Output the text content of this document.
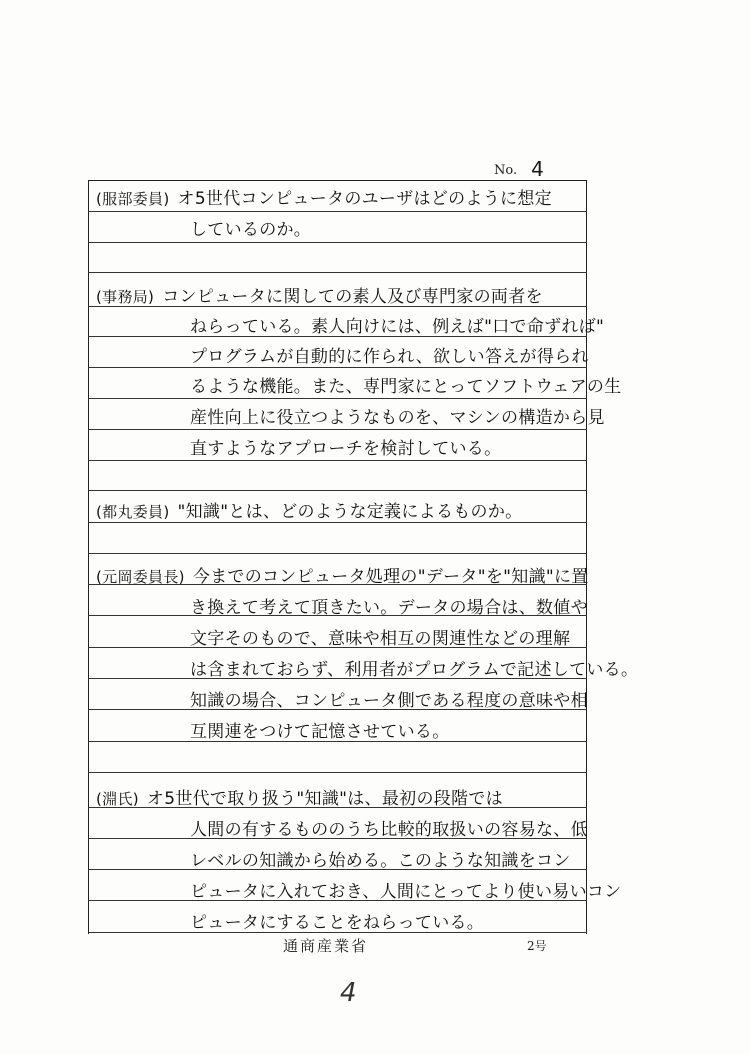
No. 4
(服部委員) オ5世代コンピュータのユーザはどのように想定
しているのか。
(事務局) コンピュータに関しての素人及び専門家の両者を
ねらっている。素人向けには、例えば"口で命ずれば"
プログラムが自動的に作られ、欲しい答えが得られ
るような機能。また、専門家にとってソフトウェアの生
産性向上に役立つようなものを、マシンの構造から見
直すようなアプローチを検討している。
(都丸委員) "知識"とは、どのような定義によるものか。
(元岡委員長) 今までのコンピュータ処理の"データ"を"知識"に置
き換えて考えて頂きたい。データの場合は、数値や
文字そのもので、意味や相互の関連性などの理解
は含まれておらず、利用者がプログラムで記述している。
知識の場合、コンピュータ側である程度の意味や相
互関連をつけて記憶させている。
(淵氏) オ5世代で取り扱う"知識"は、最初の段階では
人間の有するもののうち比較的取扱いの容易な、低
レベルの知識から始める。このような知識をコン
ピュータに入れておき、人間にとってより使い易いコン
ピュータにすることをねらっている。
通商産業省	2号
4
